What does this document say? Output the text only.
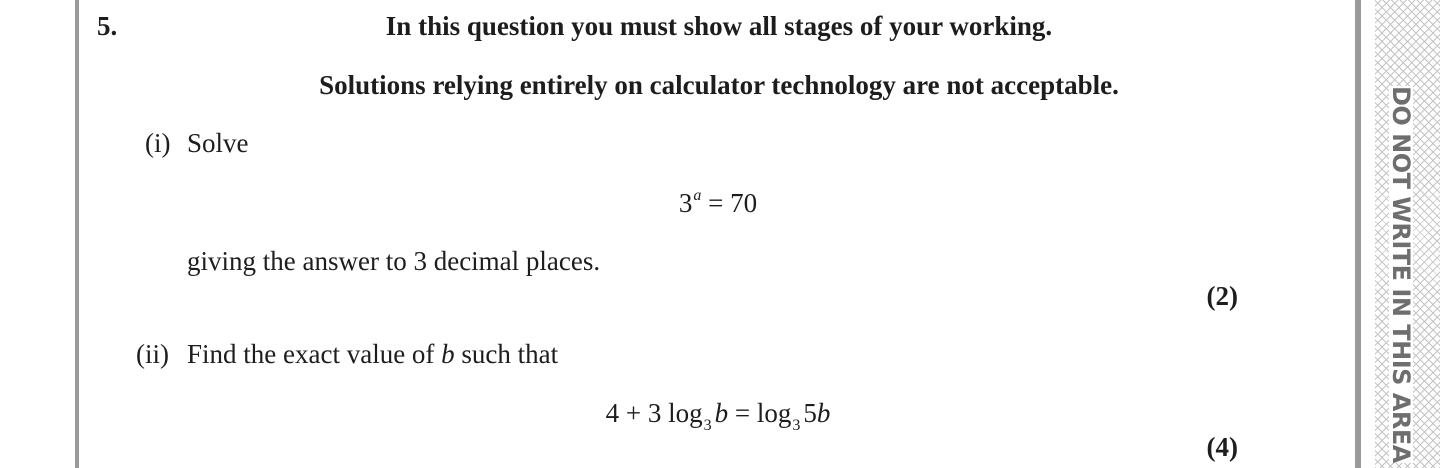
DO NOT WRITE IN THIS AREA
5.	In this question you must show all stages of your working.
Solutions relying entirely on calculator technology are not acceptable.
(i) Solve
$3^a = 70$
giving the answer to 3 decimal places.
(2)
(ii) Find the exact value of b such that
4 + 3 $\log_3 b = \log_3 5b$
(4)
